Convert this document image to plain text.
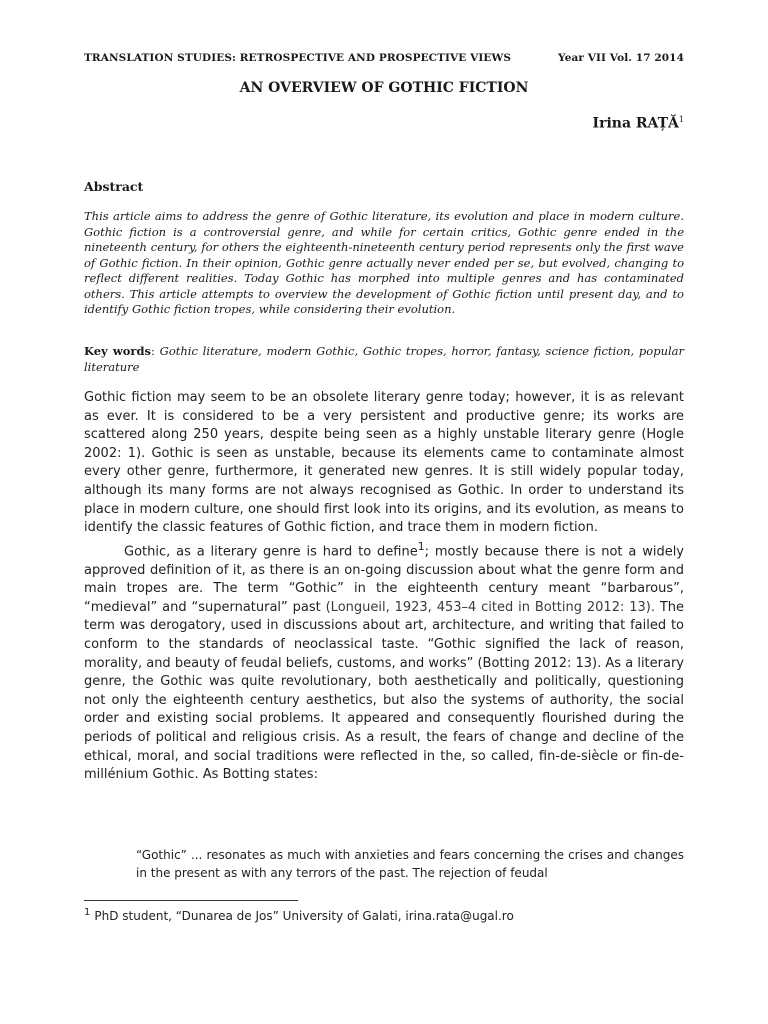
TRANSLATION STUDIES: RETROSPECTIVE AND PROSPECTIVE VIEWS	Year VII Vol. 17 2014
AN OVERVIEW OF GOTHIC FICTION
Irina RAȚĂ$^1$
Abstract

This article aims to address the genre of Gothic literature, its evolution and place in modern culture. Gothic fiction is a controversial genre, and while for certain critics, Gothic genre ended in the nineteenth century, for others the eighteenth-nineteenth century period represents only the first wave of Gothic fiction. In their opinion, Gothic genre actually never ended per se, but evolved, changing to reflect different realities. Today Gothic has morphed into multiple genres and has contaminated others. This article attempts to overview the development of Gothic fiction until present day, and to identify Gothic fiction tropes, while considering their evolution.

Key words: Gothic literature, modern Gothic, Gothic tropes, horror, fantasy, science fiction, popular literature

Gothic fiction may seem to be an obsolete literary genre today; however, it is as relevant as ever. It is considered to be a very persistent and productive genre; its works are scattered along 250 years, despite being seen as a highly unstable literary genre (Hogle 2002: 1). Gothic is seen as unstable, because its elements came to contaminate almost every other genre, furthermore, it generated new genres. It is still widely popular today, although its many forms are not always recognised as Gothic. In order to understand its place in modern culture, one should first look into its origins, and its evolution, as means to identify the classic features of Gothic fiction, and trace them in modern fiction.

Gothic, as a literary genre is hard to define$^1$; mostly because there is not a widely approved definition of it, as there is an on-going discussion about what the genre form and main tropes are. The term “Gothic” in the eighteenth century meant “barbarous”, “medieval” and “supernatural” past (Longueil, 1923, 453–4 cited in Botting 2012: 13). The term was derogatory, used in discussions about art, architecture, and writing that failed to conform to the standards of neoclassical taste. “Gothic signified the lack of reason, morality, and beauty of feudal beliefs, customs, and works” (Botting 2012: 13). As a literary genre, the Gothic was quite revolutionary, both aesthetically and politically, questioning not only the eighteenth century aesthetics, but also the systems of authority, the social order and existing social problems. It appeared and consequently flourished during the periods of political and religious crisis. As a result, the fears of change and decline of the ethical, moral, and social traditions were reflected in the, so called, fin-de-siècle or fin-de-millénium Gothic. As Botting states:

“Gothic” ... resonates as much with anxieties and fears concerning the crises and changes in the present as with any terrors of the past. The rejection of feudal

$^1$ PhD student, “Dunarea de Jos” University of Galati, irina.rata@ugal.ro
